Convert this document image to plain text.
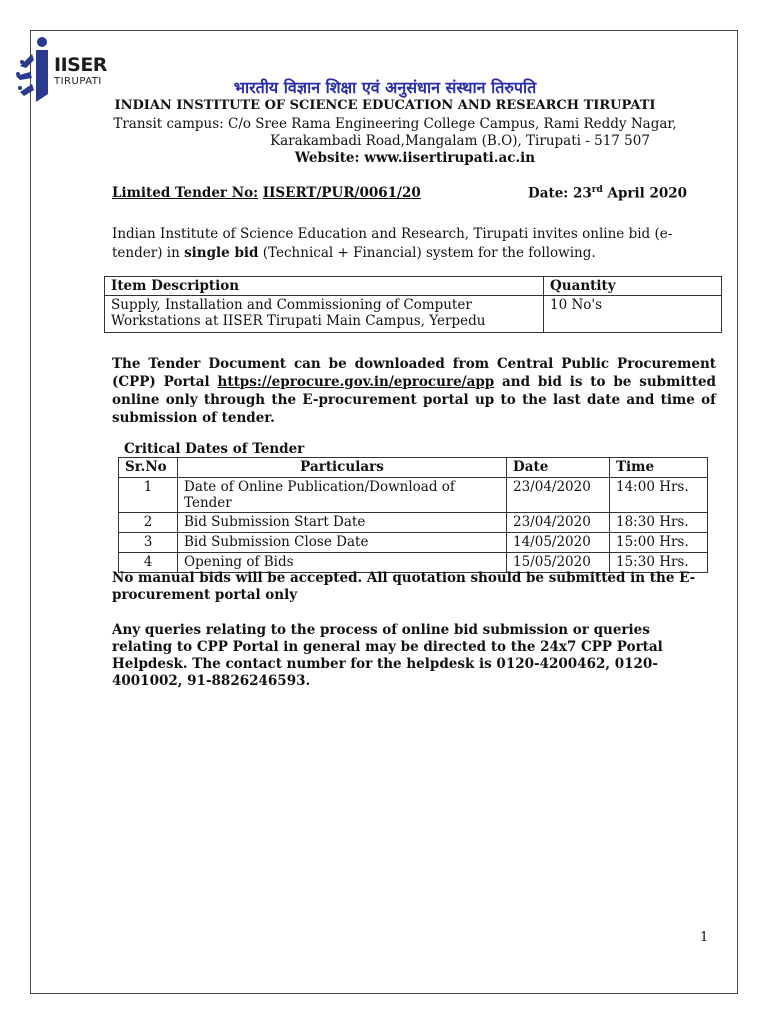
IISER
TIRUPATI	भारतीय विज्ञान शिक्षा एवं अनुसंधान संस्थान तिरुपति
INDIAN INSTITUTE OF SCIENCE EDUCATION AND RESEARCH TIRUPATI
Transit campus: C/o Sree Rama Engineering College Campus, Rami Reddy Nagar,
Karakambadi Road,Mangalam (B.O), Tirupati - 517 507
Website: www.iisertirupati.ac.in
Limited Tender No: IISERT/PUR/0061/20	Date: 23rd April 2020
Indian Institute of Science Education and Research, Tirupati invites online bid (e-tender) in single bid (Technical + Financial) system for the following.
Item Description	Quantity
Supply, Installation and Commissioning of Computer Workstations at IISER Tirupati Main Campus, Yerpedu	10 No's
The Tender Document can be downloaded from Central Public Procurement (CPP) Portal https://eprocure.gov.in/eprocure/app and bid is to be submitted online only through the E-procurement portal up to the last date and time of submission of tender.
Critical Dates of Tender
Sr.No	Particulars	Date	Time
1	Date of Online Publication/Download of Tender	23/04/2020	14:00 Hrs.
2	Bid Submission Start Date	23/04/2020	18:30 Hrs.
3	Bid Submission Close Date	14/05/2020	15:00 Hrs.
4	Opening of Bids	15/05/2020	15:30 Hrs.
No manual bids will be accepted. All quotation should be submitted in the E-procurement portal only
Any queries relating to the process of online bid submission or queries relating to CPP Portal in general may be directed to the 24x7 CPP Portal Helpdesk. The contact number for the helpdesk is 0120-4200462, 0120-4001002, 91-8826246593.
1
